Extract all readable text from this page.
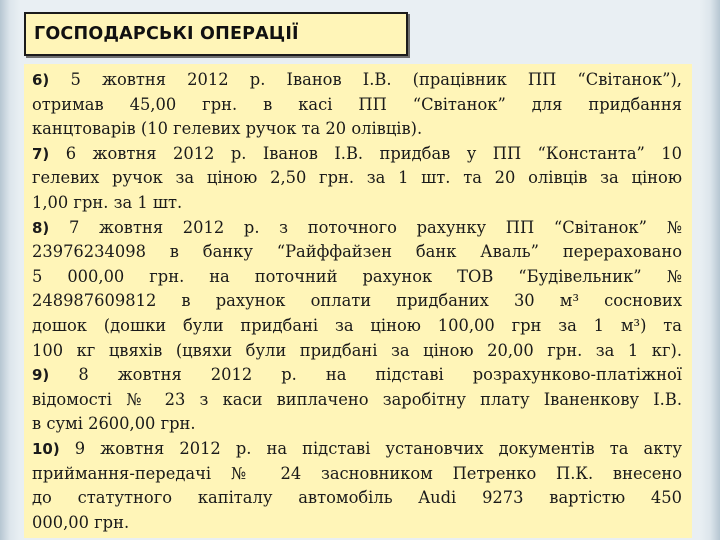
ГОСПОДАРСЬКІ ОПЕРАЦІЇ
6) 5 жовтня 2012 р. Іванов І.В. (працівник ПП “Світанок”),
отримав 45,00 грн. в касі ПП “Світанок” для придбання
канцтоварів (10 гелевих ручок та 20 олівців).
7) 6 жовтня 2012 р. Іванов І.В. придбав у ПП “Константа” 10
гелевих ручок за ціною 2,50 грн. за 1 шт. та 20 олівців за ціною
1,00 грн. за 1 шт.
8) 7 жовтня 2012 р. з поточного рахунку ПП “Світанок” №
23976234098 в банку “Райффайзен банк Аваль” перераховано
5 000,00 грн. на поточний рахунок ТОВ “Будівельник” №
248987609812 в рахунок оплати придбаних 30 м³ соснових
дошок (дошки були придбані за ціною 100,00 грн за 1 м³) та
100 кг цвяхів (цвяхи були придбані за ціною 20,00 грн. за 1 кг).
9) 8 жовтня 2012 р. на підставі розрахунково-платіжної
відомості № 23 з каси виплачено заробітну плату Іваненкову І.В.
в сумі 2600,00 грн.
10) 9 жовтня 2012 р. на підставі установчих документів та акту
приймання-передачі № 24 засновником Петренко П.К. внесено
до статутного капіталу автомобіль Audi 9273 вартістю 450
000,00 грн.
